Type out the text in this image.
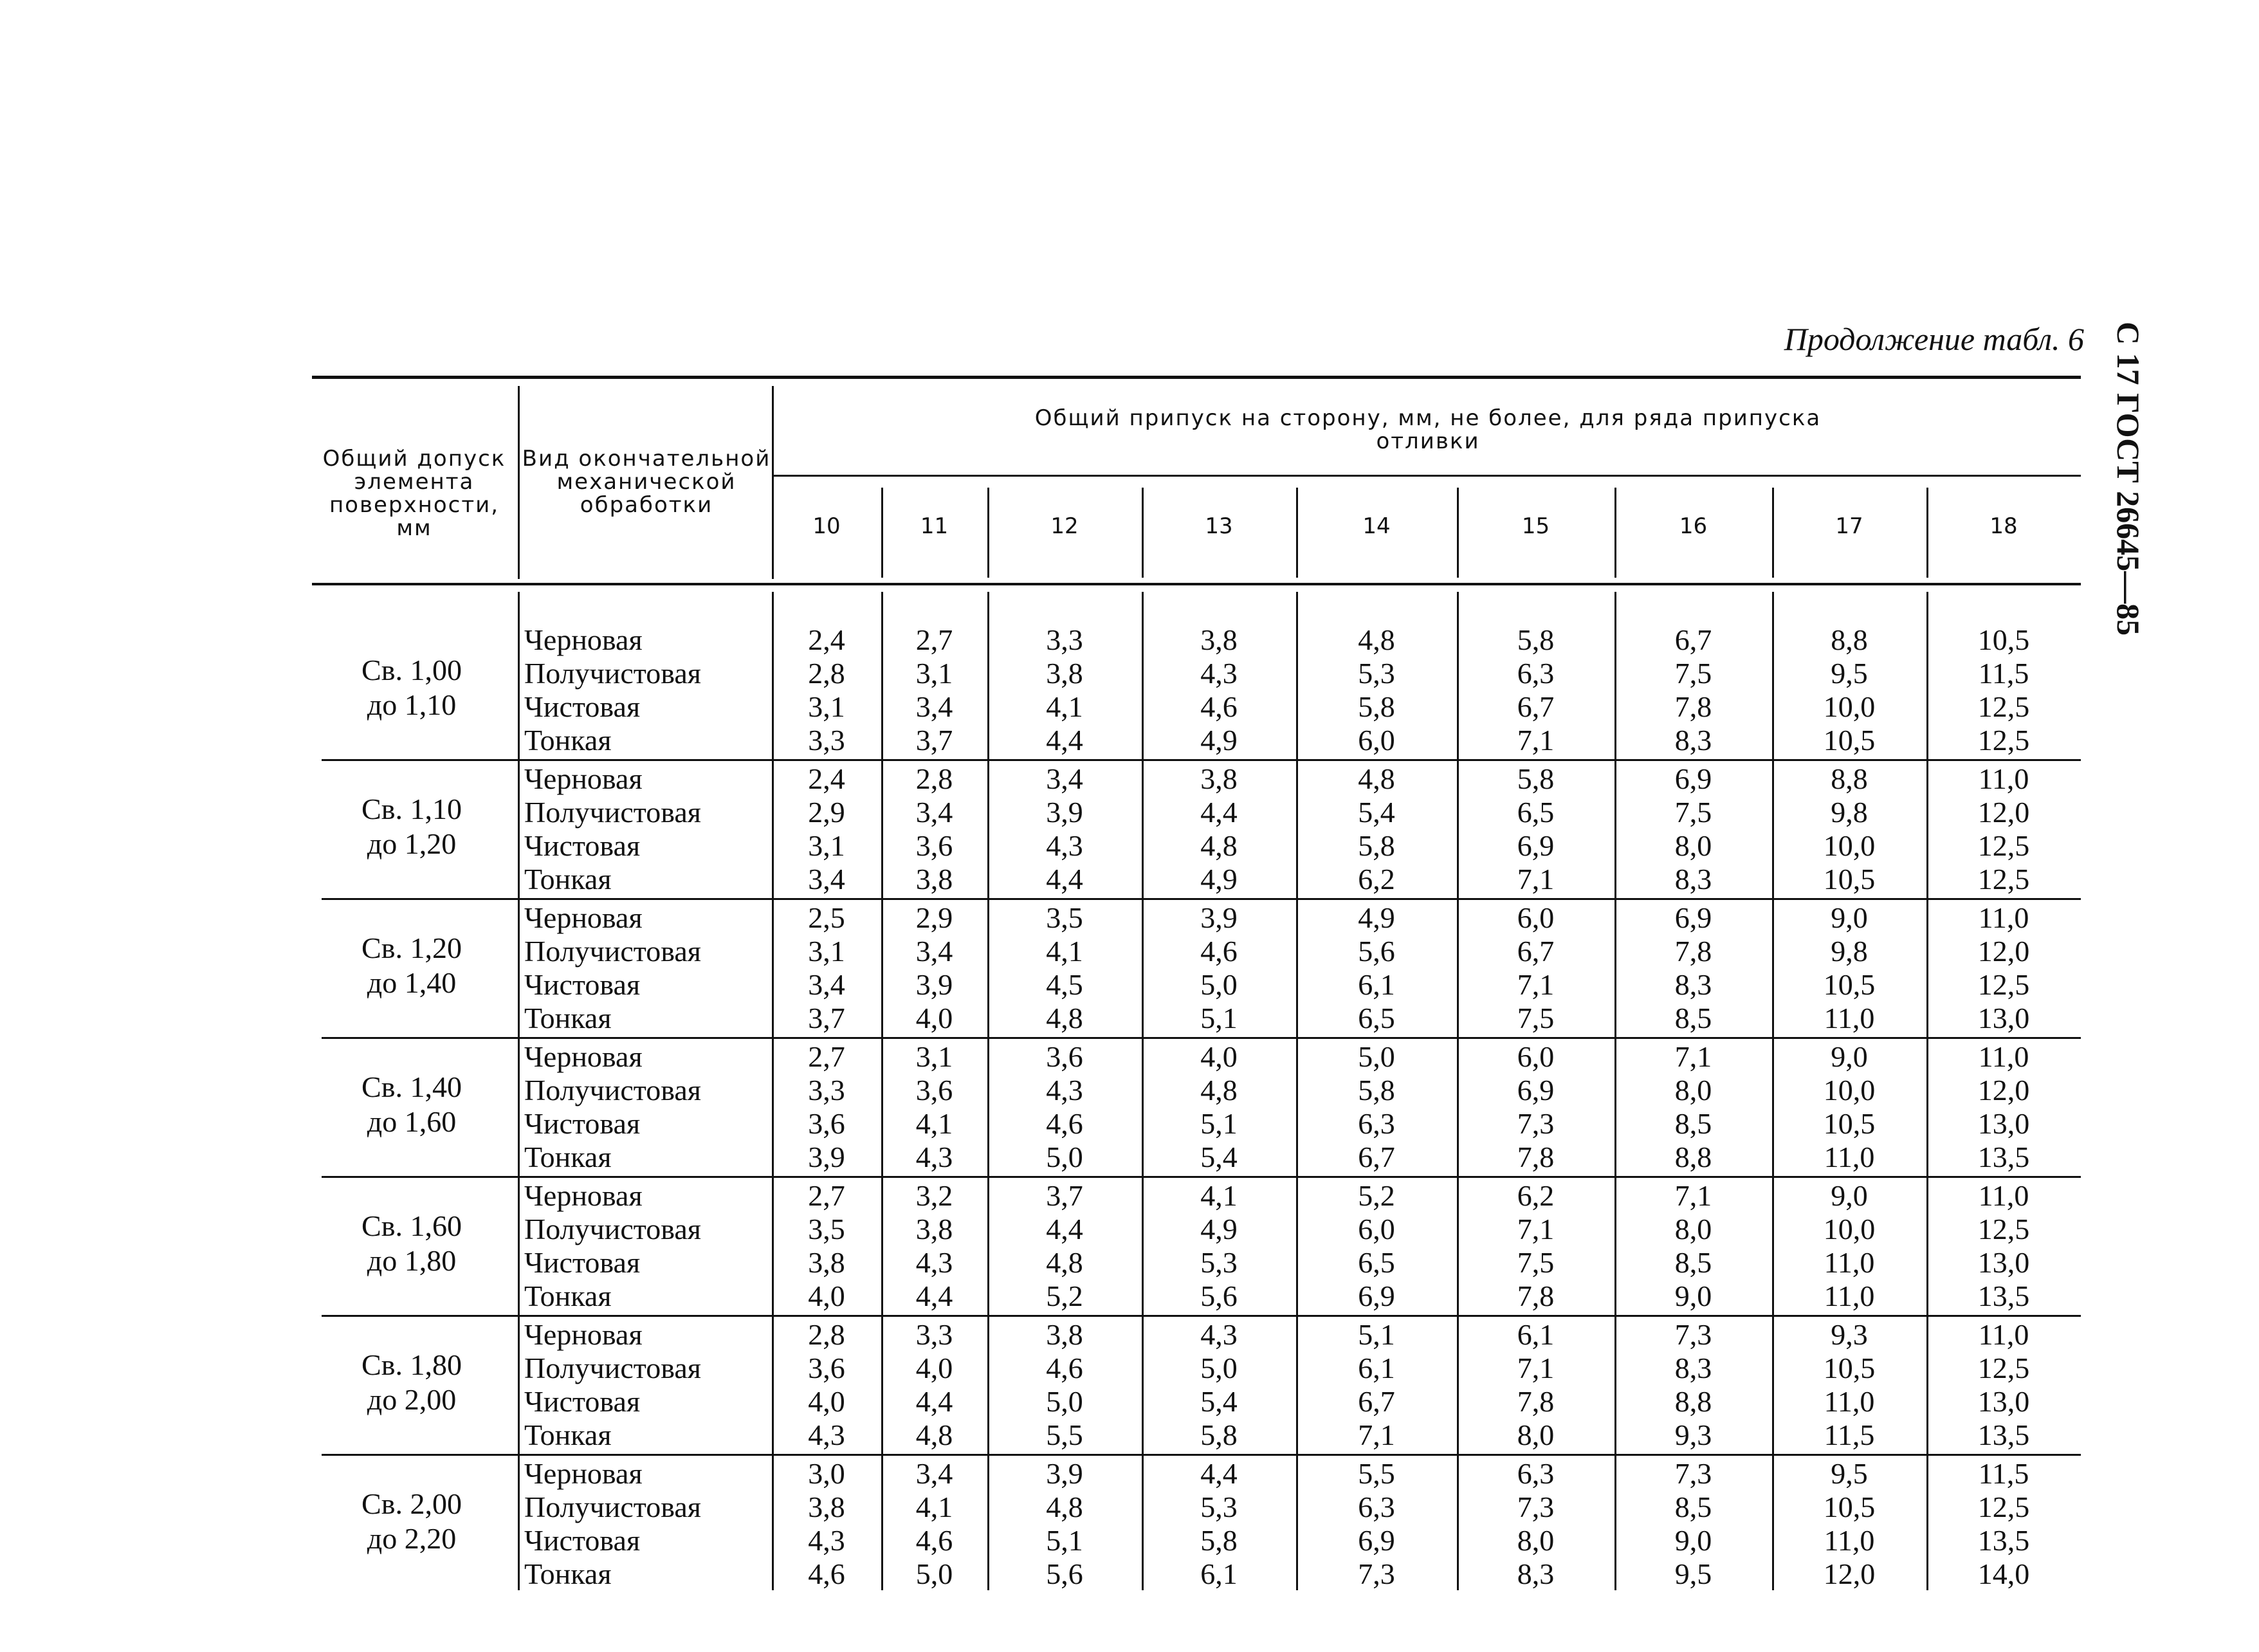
Продолжение табл. 6 С 17 ГОСТ 26645—85
Общий допуск элемента поверхности, мм
Вид окончательной механической обработки
Общий припуск на сторону, мм, не более, для ряда припуска отливки
10	11	12	13	14	15	16	17	18
Св. 1,00
до 1,10
Черновая	2,4	2,7	3,3	3,8	4,8	5,8	6,7	8,8	10,5
Получистовая	2,8	3,1	3,8	4,3	5,3	6,3	7,5	9,5	11,5
Чистовая	3,1	3,4	4,1	4,6	5,8	6,7	7,8	10,0	12,5
Тонкая	3,3	3,7	4,4	4,9	6,0	7,1	8,3	10,5	12,5
Св. 1,10
до 1,20
Черновая	2,4	2,8	3,4	3,8	4,8	5,8	6,9	8,8	11,0
Получистовая	2,9	3,4	3,9	4,4	5,4	6,5	7,5	9,8	12,0
Чистовая	3,1	3,6	4,3	4,8	5,8	6,9	8,0	10,0	12,5
Тонкая	3,4	3,8	4,4	4,9	6,2	7,1	8,3	10,5	12,5
Св. 1,20
до 1,40
Черновая	2,5	2,9	3,5	3,9	4,9	6,0	6,9	9,0	11,0
Получистовая	3,1	3,4	4,1	4,6	5,6	6,7	7,8	9,8	12,0
Чистовая	3,4	3,9	4,5	5,0	6,1	7,1	8,3	10,5	12,5
Тонкая	3,7	4,0	4,8	5,1	6,5	7,5	8,5	11,0	13,0
Св. 1,40
до 1,60
Черновая	2,7	3,1	3,6	4,0	5,0	6,0	7,1	9,0	11,0
Получистовая	3,3	3,6	4,3	4,8	5,8	6,9	8,0	10,0	12,0
Чистовая	3,6	4,1	4,6	5,1	6,3	7,3	8,5	10,5	13,0
Тонкая	3,9	4,3	5,0	5,4	6,7	7,8	8,8	11,0	13,5
Св. 1,60
до 1,80
Черновая	2,7	3,2	3,7	4,1	5,2	6,2	7,1	9,0	11,0
Получистовая	3,5	3,8	4,4	4,9	6,0	7,1	8,0	10,0	12,5
Чистовая	3,8	4,3	4,8	5,3	6,5	7,5	8,5	11,0	13,0
Тонкая	4,0	4,4	5,2	5,6	6,9	7,8	9,0	11,0	13,5
Св. 1,80
до 2,00
Черновая	2,8	3,3	3,8	4,3	5,1	6,1	7,3	9,3	11,0
Получистовая	3,6	4,0	4,6	5,0	6,1	7,1	8,3	10,5	12,5
Чистовая	4,0	4,4	5,0	5,4	6,7	7,8	8,8	11,0	13,0
Тонкая	4,3	4,8	5,5	5,8	7,1	8,0	9,3	11,5	13,5
Св. 2,00
до 2,20
Черновая	3,0	3,4	3,9	4,4	5,5	6,3	7,3	9,5	11,5
Получистовая	3,8	4,1	4,8	5,3	6,3	7,3	8,5	10,5	12,5
Чистовая	4,3	4,6	5,1	5,8	6,9	8,0	9,0	11,0	13,5
Тонкая	4,6	5,0	5,6	6,1	7,3	8,3	9,5	12,0	14,0
